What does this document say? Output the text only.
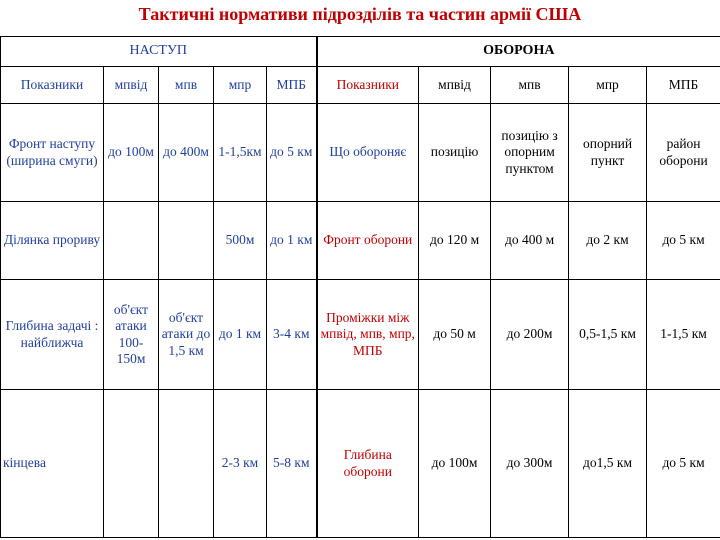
Тактичні нормативи підрозділів та частин армії США
НАСТУП					ОБОРОНА				
Показники	мпвід	мпв	мпр	МПБ	Показники	мпвід	мпв	мпр	МПБ
Фронт наступу (ширина смуги)	до 100м	до 400м	1-1,5км	до 5 км	Що обороняє	позицію	позицію з опорним пунктом	опорний пункт	район оборони
Ділянка прориву			500м	до 1 км	Фронт оборони	до 120 м	до 400 м	до 2 км	до 5 км
Глибина задачі : найближча	об'єкт атаки 100-150м	об'єкт атаки до 1,5 км	до 1 км	3-4 км	Проміжки між мпвід, мпв, мпр, МПБ	до 50 м	до 200м	0,5-1,5 км	1-1,5 км
кінцева			2-3 км	5-8 км	Глибина оборони	до 100м	до 300м	до1,5 км	до 5 км
